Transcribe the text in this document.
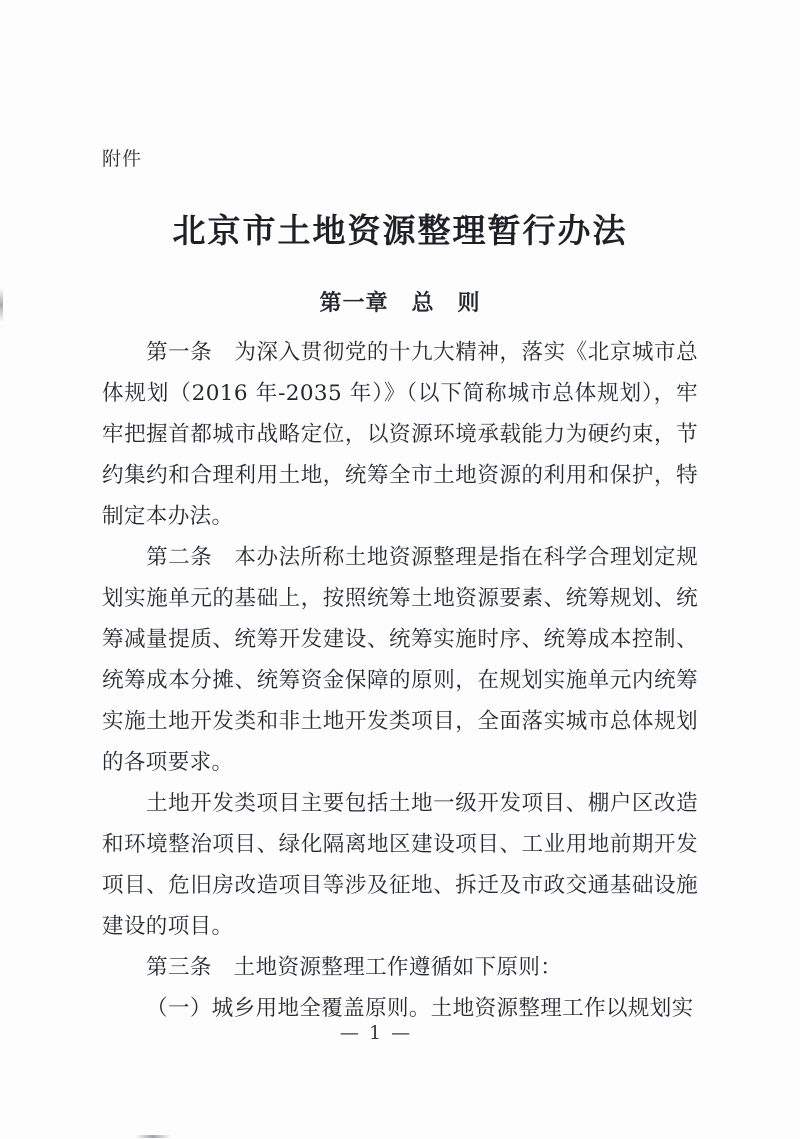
附件
北京市土地资源整理暂行办法
第一章　总　则

第一条 为深入贯彻党的十九大精神，落实《北京城市总体规划（2016 年-2035 年）》（以下简称城市总体规划），牢牢把握首都城市战略定位，以资源环境承载能力为硬约束，节约集约和合理利用土地，统筹全市土地资源的利用和保护，特制定本办法。

第二条 本办法所称土地资源整理是指在科学合理划定规划实施单元的基础上，按照统筹土地资源要素、统筹规划、统筹减量提质、统筹开发建设、统筹实施时序、统筹成本控制、统筹成本分摊、统筹资金保障的原则，在规划实施单元内统筹实施土地开发类和非土地开发类项目，全面落实城市总体规划的各项要求。

土地开发类项目主要包括土地一级开发项目、棚户区改造和环境整治项目、绿化隔离地区建设项目、工业用地前期开发项目、危旧房改造项目等涉及征地、拆迁及市政交通基础设施建设的项目。

第三条 土地资源整理工作遵循如下原则：

（一）城乡用地全覆盖原则。土地资源整理工作以规划实

— 1 —
